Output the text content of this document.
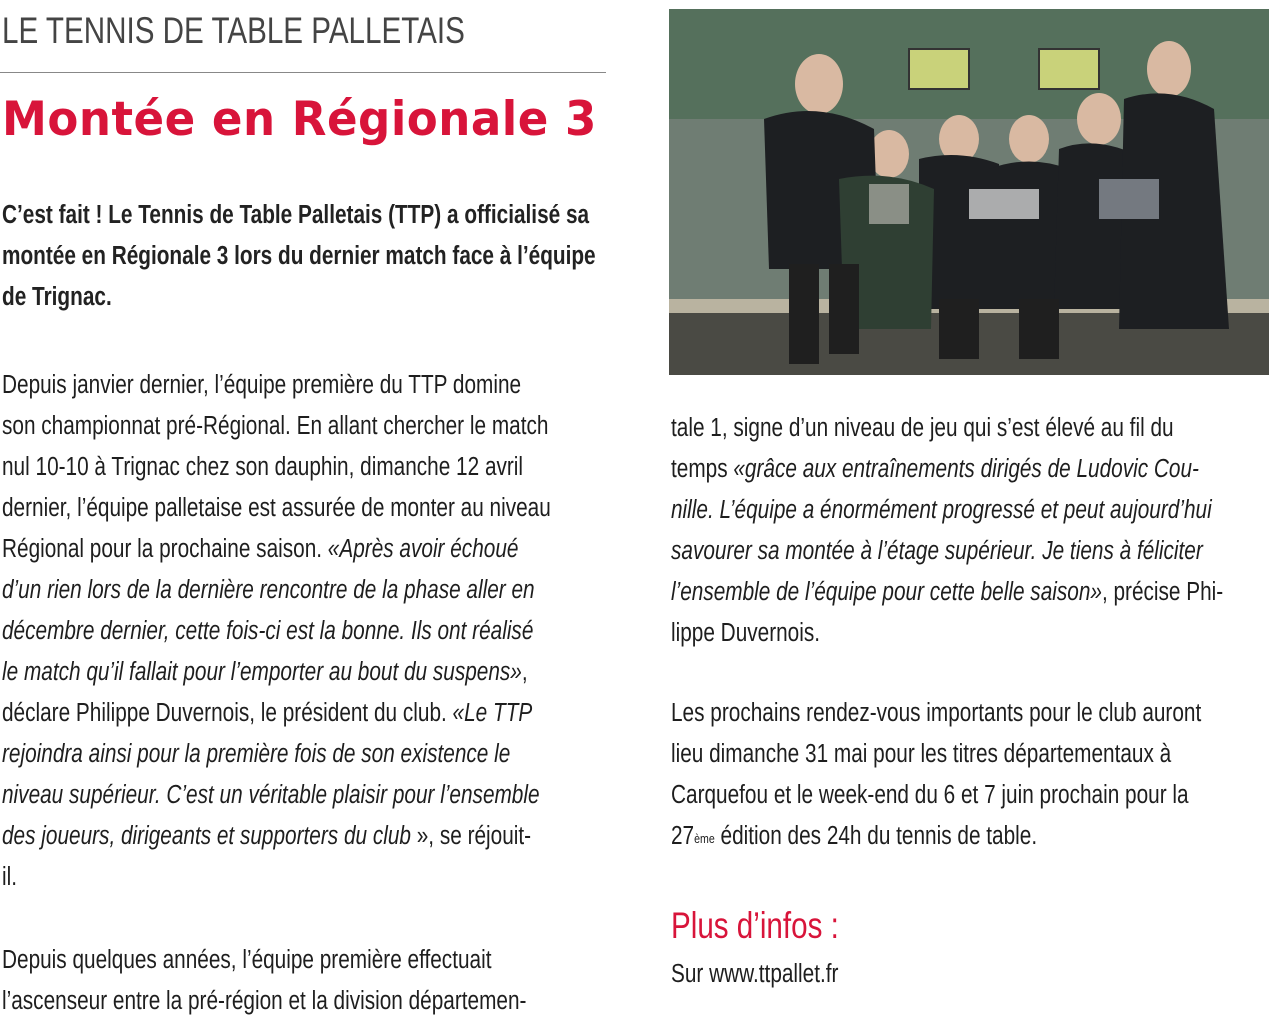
LE TENNIS DE TABLE PALLETAIS
Montée en Régionale 3
C’est fait ! Le Tennis de Table Palletais (TTP) a officialisé sa
montée en Régionale 3 lors du dernier match face à l’équipe
de Trignac.
Depuis janvier dernier, l’équipe première du TTP domine
son championnat pré-Régional. En allant chercher le match
nul 10-10 à Trignac chez son dauphin, dimanche 12 avril
dernier, l’équipe palletaise est assurée de monter au niveau
Régional pour la prochaine saison. «Après avoir échoué
d’un rien lors de la dernière rencontre de la phase aller en
décembre dernier, cette fois-ci est la bonne. Ils ont réalisé
le match qu’il fallait pour l’emporter au bout du suspens»,
déclare Philippe Duvernois, le président du club. «Le TTP
rejoindra ainsi pour la première fois de son existence le
niveau supérieur. C’est un véritable plaisir pour l’ensemble
des joueurs, dirigeants et supporters du club », se réjouit-
il.
Depuis quelques années, l’équipe première effectuait
l’ascenseur entre la pré-région et la division départemen-
tale 1, signe d’un niveau de jeu qui s’est élevé au fil du
temps «grâce aux entraînements dirigés de Ludovic Cou-
nille. L’équipe a énormément progressé et peut aujourd’hui
savourer sa montée à l’étage supérieur. Je tiens à féliciter
l’ensemble de l’équipe pour cette belle saison», précise Phi-
lippe Duvernois.
Les prochains rendez-vous importants pour le club auront
lieu dimanche 31 mai pour les titres départementaux à
Carquefou et le week-end du 6 et 7 juin prochain pour la
27ème édition des 24h du tennis de table.
Plus d’infos :
Sur www.ttpallet.fr
